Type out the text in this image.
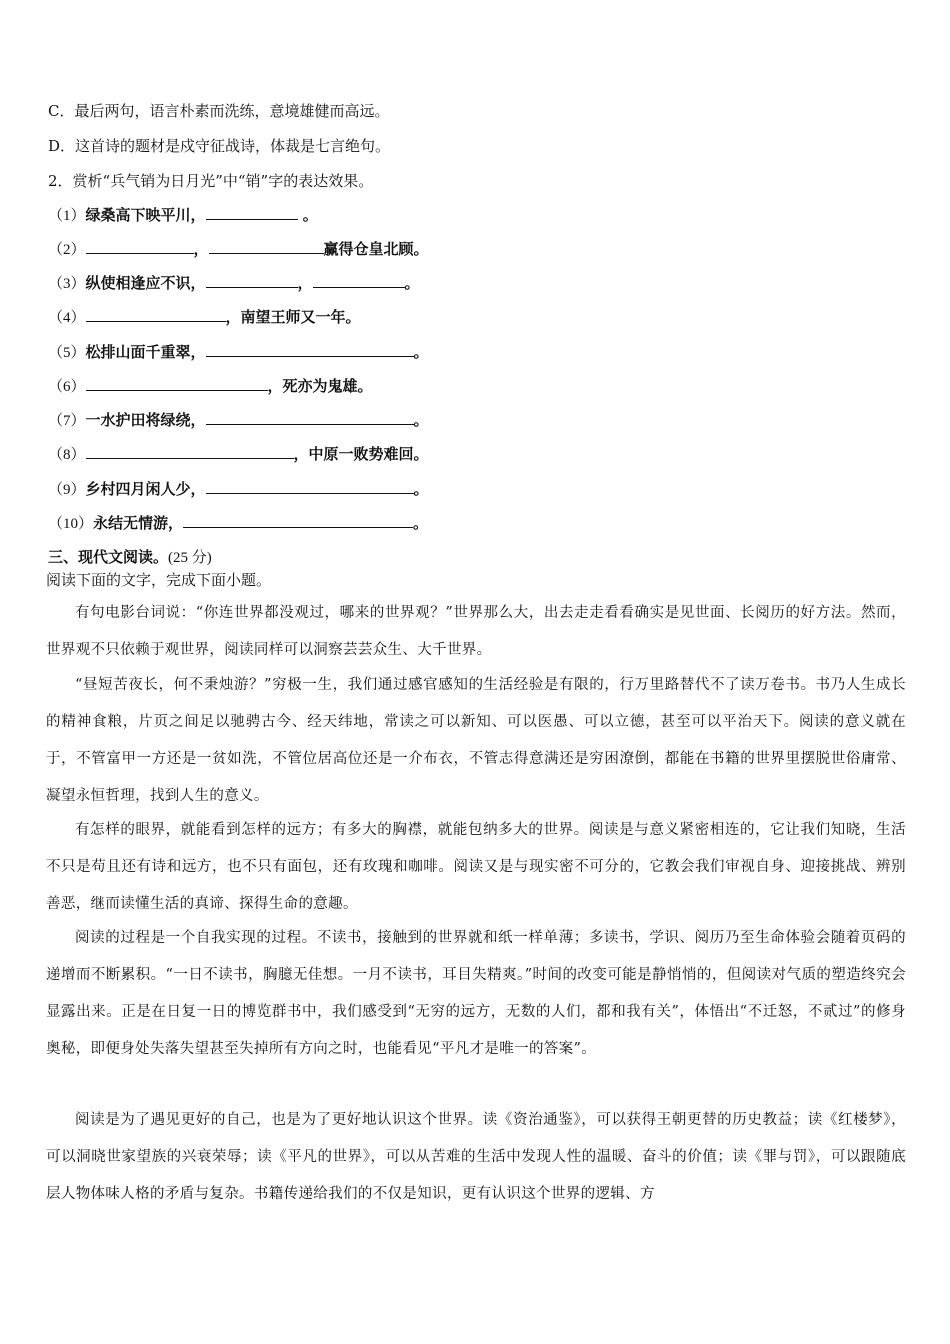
C．最后两句，语言朴素而洗练，意境雄健而高远。
D．这首诗的题材是戍守征战诗，体裁是七言绝句。
2．赏析“兵气销为日月光”中“销”字的表达效果。
（1）绿桑高下映平川，	。
（2）	，	赢得仓皇北顾。
（3）纵使相逢应不识，	，	。
（4）	，南望王师又一年。
（5）松排山面千重翠，	。
（6）	，死亦为鬼雄。
（7）一水护田将绿绕，	。
（8）	，中原一败势难回。
（9）乡村四月闲人少，	。
（10）永结无情游，	。
三、现代文阅读。(25 分)
阅读下面的文字，完成下面小题。
有句电影台词说：“你连世界都没观过，哪来的世界观？”世界那么大，出去走走看看确实是见世面、长阅历的好方法。然而，世界观不只依赖于观世界，阅读同样可以洞察芸芸众生、大千世界。
“昼短苦夜长，何不秉烛游？”穷极一生，我们通过感官感知的生活经验是有限的，行万里路替代不了读万卷书。书乃人生成长的精神食粮，片页之间足以驰骋古今、经天纬地，常读之可以新知、可以医愚、可以立德，甚至可以平治天下。阅读的意义就在于，不管富甲一方还是一贫如洗，不管位居高位还是一介布衣，不管志得意满还是穷困潦倒，都能在书籍的世界里摆脱世俗庸常、凝望永恒哲理，找到人生的意义。
有怎样的眼界，就能看到怎样的远方；有多大的胸襟，就能包纳多大的世界。阅读是与意义紧密相连的，它让我们知晓，生活不只是苟且还有诗和远方，也不只有面包，还有玫瑰和咖啡。阅读又是与现实密不可分的，它教会我们审视自身、迎接挑战、辨别善恶，继而读懂生活的真谛、探得生命的意趣。
阅读的过程是一个自我实现的过程。不读书，接触到的世界就和纸一样单薄；多读书，学识、阅历乃至生命体验会随着页码的递增而不断累积。“一日不读书，胸臆无佳想。一月不读书，耳目失精爽。”时间的改变可能是静悄悄的，但阅读对气质的塑造终究会显露出来。正是在日复一日的博览群书中，我们感受到“无穷的远方，无数的人们，都和我有关”，体悟出“不迁怒，不贰过”的修身奥秘，即便身处失落失望甚至失掉所有方向之时，也能看见“平凡才是唯一的答案”。
阅读是为了遇见更好的自己，也是为了更好地认识这个世界。读《资治通鉴》，可以获得王朝更替的历史教益；读《红楼梦》，可以洞晓世家望族的兴衰荣辱；读《平凡的世界》，可以从苦难的生活中发现人性的温暖、奋斗的价值；读《罪与罚》，可以跟随底层人物体味人格的矛盾与复杂。书籍传递给我们的不仅是知识，更有认识这个世界的逻辑、方
